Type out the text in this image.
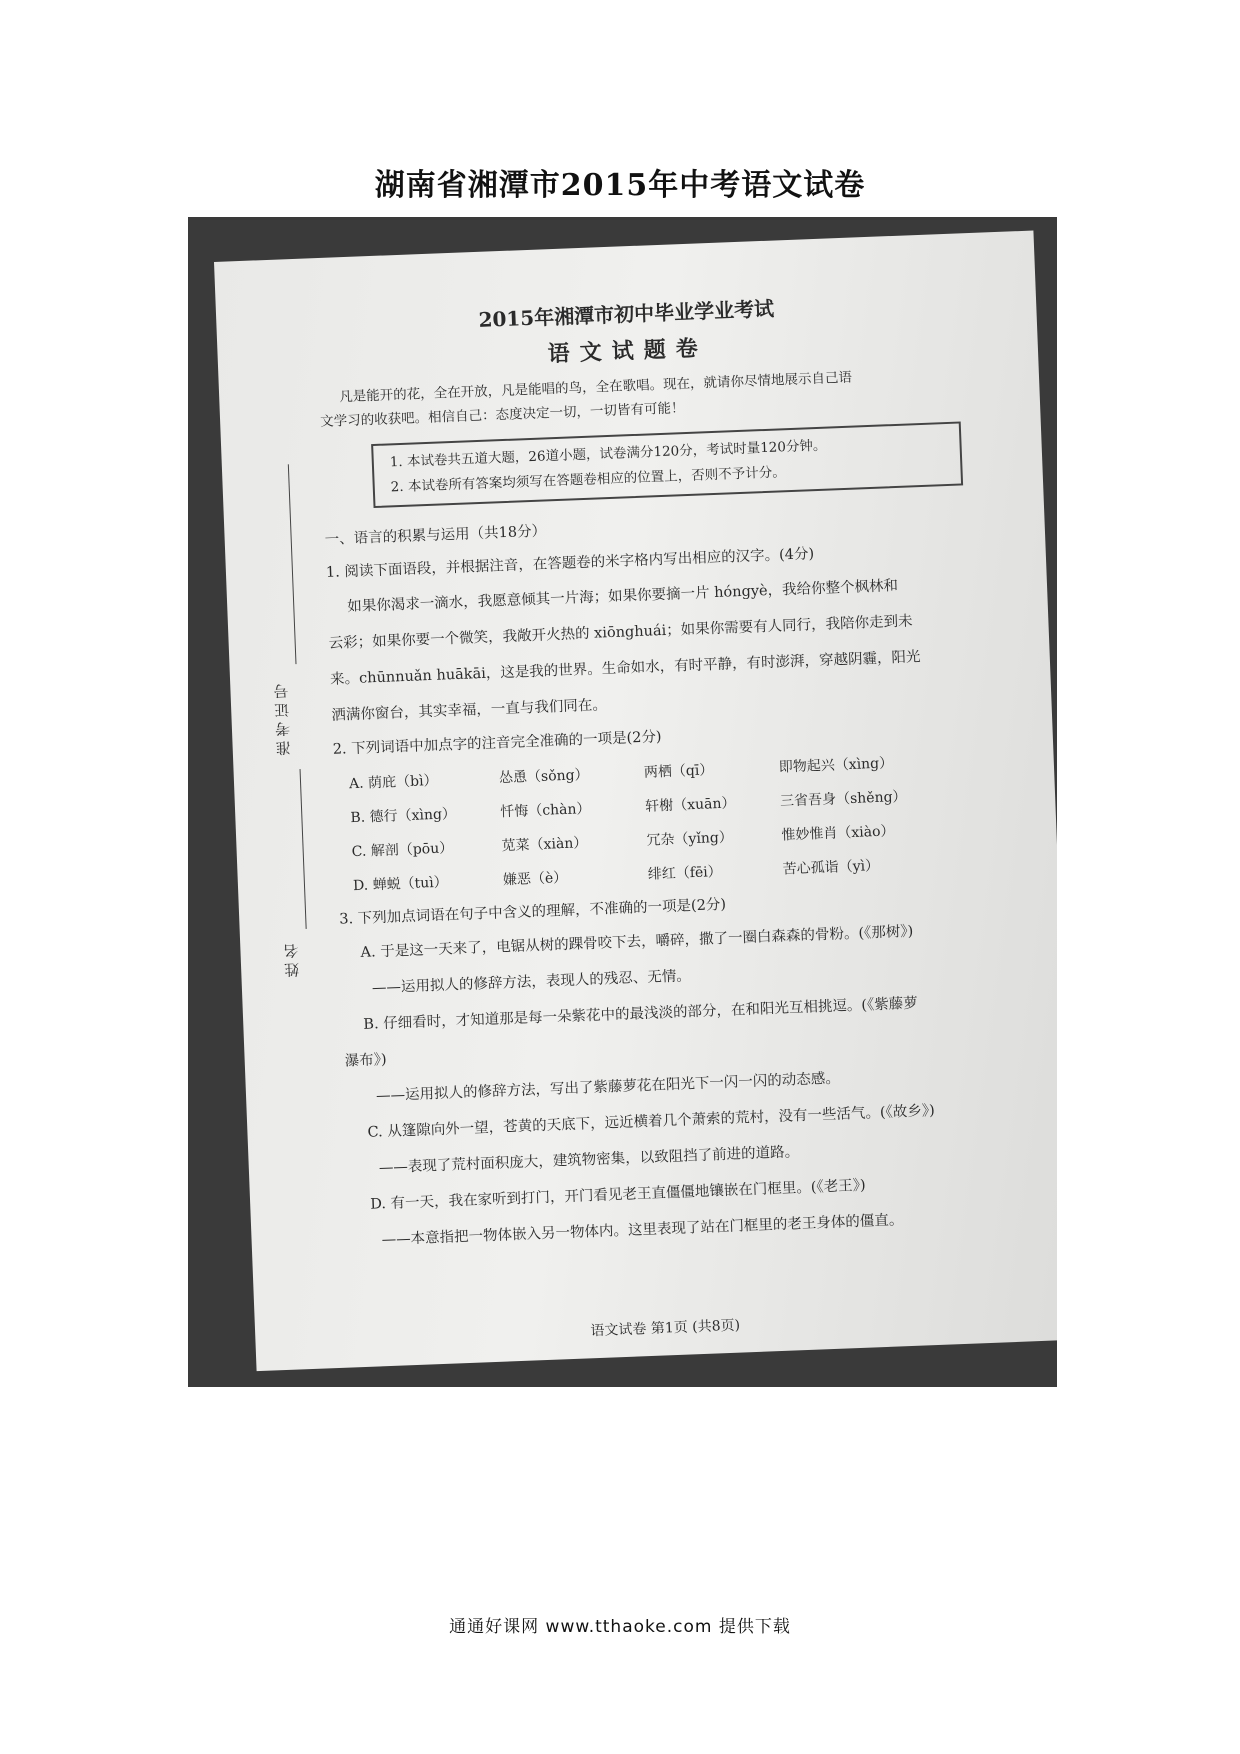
湖南省湘潭市2015年中考语文试卷
2015年湘潭市初中毕业学业考试
语文试题卷
凡是能开的花，全在开放，凡是能唱的鸟，全在歌唱。现在，就请你尽情地展示自己语
文学习的收获吧。相信自己：态度决定一切，一切皆有可能！
1. 本试卷共五道大题，26道小题，试卷满分120分，考试时量120分钟。
2. 本试卷所有答案均须写在答题卷相应的位置上，否则不予计分。
准考证号
姓名
一、语言的积累与运用（共18分）
1. 阅读下面语段，并根据注音，在答题卷的米字格内写出相应的汉字。(4分)
如果你渴求一滴水，我愿意倾其一片海；如果你要摘一片 hóngyè，我给你整个枫林和
云彩；如果你要一个微笑，我敞开火热的 xiōnghuái；如果你需要有人同行，我陪你走到未
来。chūnnuǎn huākāi，这是我的世界。生命如水，有时平静，有时澎湃，穿越阴霾，阳光
洒满你窗台，其实幸福，一直与我们同在。
2. 下列词语中加点字的注音完全准确的一项是(2分)
A. 荫庇（bì）	怂恿（sǒng）	两栖（qī）	即物起兴（xìng）
B. 德行（xìng）	忏悔（chàn）	轩榭（xuān）	三省吾身（shěng）
C. 解剖（pōu）	苋菜（xiàn）	冗杂（yǐng）	惟妙惟肖（xiào）
D. 蝉蜕（tuì）	嫌恶（è）	绯红（fēi）	苦心孤诣（yì）
3. 下列加点词语在句子中含义的理解，不准确的一项是(2分)
A. 于是这一天来了，电锯从树的踝骨咬下去，嚼碎，撒了一圈白森森的骨粉。(《那树》)
——运用拟人的修辞方法，表现人的残忍、无情。
B. 仔细看时，才知道那是每一朵紫花中的最浅淡的部分，在和阳光互相挑逗。(《紫藤萝
瀑布》)
——运用拟人的修辞方法，写出了紫藤萝花在阳光下一闪一闪的动态感。
C. 从篷隙向外一望，苍黄的天底下，远近横着几个萧索的荒村，没有一些活气。(《故乡》)
——表现了荒村面积庞大，建筑物密集，以致阻挡了前进的道路。
D. 有一天，我在家听到打门，开门看见老王直僵僵地镶嵌在门框里。(《老王》)
——本意指把一物体嵌入另一物体内。这里表现了站在门框里的老王身体的僵直。
语文试卷 第1页 (共8页)
通通好课网 www.tthaoke.com 提供下载
